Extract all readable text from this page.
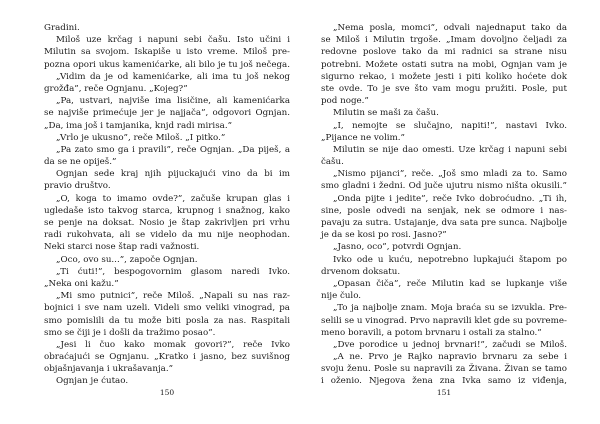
Gradini.
Miloš uze krčag i napuni sebi čašu. Isto učini i
Milutin sa svojom. Iskapiše u isto vreme. Miloš pre-
pozna opori ukus kamenićarke, ali bilo je tu još nečega.
„Vidim da je od kamenićarke, ali ima tu još nekog
grožđa”, reče Ognjanu. „Kojeg?”
„Pa, ustvari, najviše ima lisičine, ali kamenićarka
se najviše primećuje jer je najjača”, odgovori Ognjan.
„Da, ima još i tamjanika, knjd radi mirisa.”
„Vrlo je ukusno”, reče Miloš. „I pitko.”
„Pa zato smo ga i pravili”, reče Ognjan. „Da piješ, a
da se ne opiješ.”
Ognjan sede kraj njih pijuckajući vino da bi im
pravio društvo.
„O, koga to imamo ovde?”, začuše krupan glas i
ugledaše isto takvog starca, krupnog i snažnog, kako
se penje na doksat. Nosio je štap zakrivljen pri vrhu
radi rukohvata, ali se videlo da mu nije neophodan.
Neki starci nose štap radi važnosti.
„Oco, ovo su...”, započe Ognjan.
„Ti ćuti!”, bespogovornim glasom naredi Ivko.
„Neka oni kažu.”
„Mi smo putnici”, reče Miloš. „Napali su nas raz-
bojnici i sve nam uzeli. Videli smo veliki vinograd, pa
smo pomislili da tu može biti posla za nas. Raspitali
smo se čiji je i došli da tražimo posao”.
„Jesi li čuo kako momak govori?”, reče Ivko
obraćajući se Ognjanu. „Kratko i jasno, bez suvišnog
objašnjavanja i ukrašavanja.”
Ognjan je ćutao.
150
„Nema posla, momci”, odvali najednaput tako da
se Miloš i Milutin trgoše. „Imam dovoljno čeljadi za
redovne poslove tako da mi radnici sa strane nisu
potrebni. Možete ostati sutra na mobi, Ognjan vam je
sigurno rekao, i možete jesti i piti koliko hoćete dok
ste ovde. To je sve što vam mogu pružiti. Posle, put
pod noge.”
Milutin se maši za čašu.
„I, nemojte se slučajno, napiti!”, nastavi Ivko.
„Pijance ne volim.”
Milutin se nije dao omesti. Uze krčag i napuni sebi
čašu.
„Nismo pijanci”, reče. „Još smo mladi za to. Samo
smo gladni i žedni. Od juče ujutru nismo ništa okusili.”
„Onda pijte i jedite”, reče Ivko dobroćudno. „Ti ih,
sine, posle odvedi na senjak, nek se odmore i nas-
pavaju za sutra. Ustajanje, dva sata pre sunca. Najbolje
je da se kosi po rosi. Jasno?”
„Jasno, oco”, potvrdi Ognjan.
Ivko ode u kuću, nepotrebno lupkajući štapom po
drvenom doksatu.
„Opasan čiča”, reče Milutin kad se lupkanje više
nije čulo.
„To ja najbolje znam. Moja braća su se izvukla. Pre-
selili se u vinograd. Prvo napravili klet gde su povreme-
meno boravili, a potom brvnaru i ostali za stalno.”
„Dve porodice u jednoj brvnari!”, začudi se Miloš.
„A ne. Prvo je Rajko napravio brvnaru za sebe i
svoju ženu. Posle su napravili za Živana. Živan se tamo
i oženio. Njegova žena zna Ivka samo iz viđenja,
151
